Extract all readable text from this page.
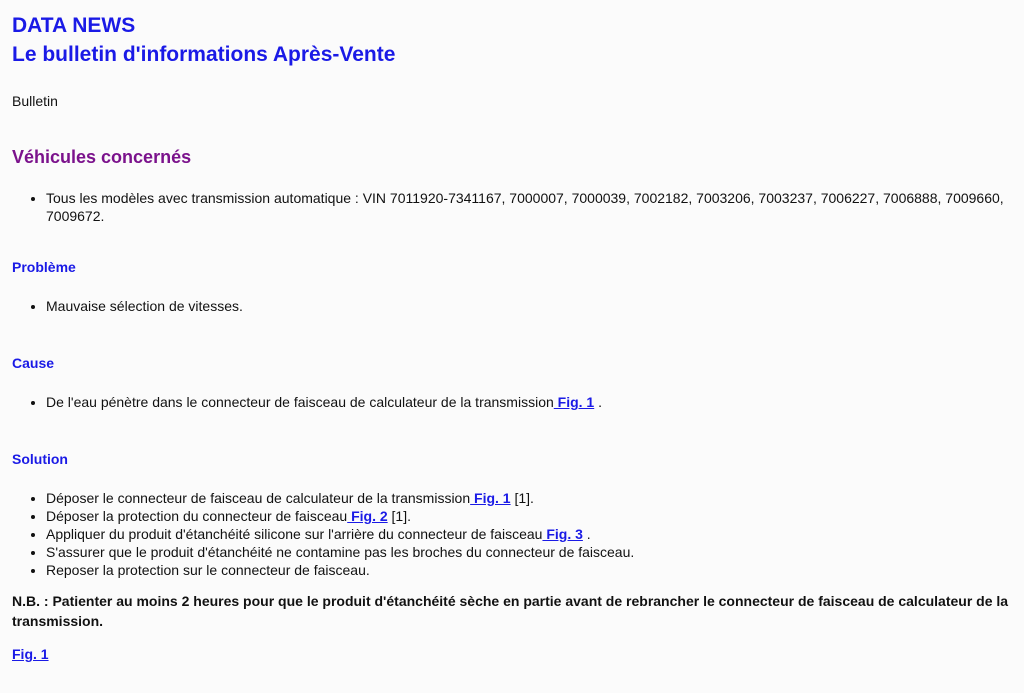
DATA NEWS
Le bulletin d'informations Après-Vente

Bulletin

Véhicules concernés
• Tous les modèles avec transmission automatique : VIN 7011920-7341167, 7000007, 7000039, 7002182, 7003206, 7003237, 7006227, 7006888, 7009660, 7009672.
Problème
• Mauvaise sélection de vitesses.
Cause
• De l'eau pénètre dans le connecteur de faisceau de calculateur de la transmission Fig. 1 .
Solution
• Déposer le connecteur de faisceau de calculateur de la transmission Fig. 1 [1].
• Déposer la protection du connecteur de faisceau Fig. 2 [1].
• Appliquer du produit d'étanchéité silicone sur l'arrière du connecteur de faisceau Fig. 3 .
• S'assurer que le produit d'étanchéité ne contamine pas les broches du connecteur de faisceau.
• Reposer la protection sur le connecteur de faisceau.

N.B. : Patienter au moins 2 heures pour que le produit d'étanchéité sèche en partie avant de rebrancher le connecteur de faisceau de calculateur de la transmission.

Fig. 1
